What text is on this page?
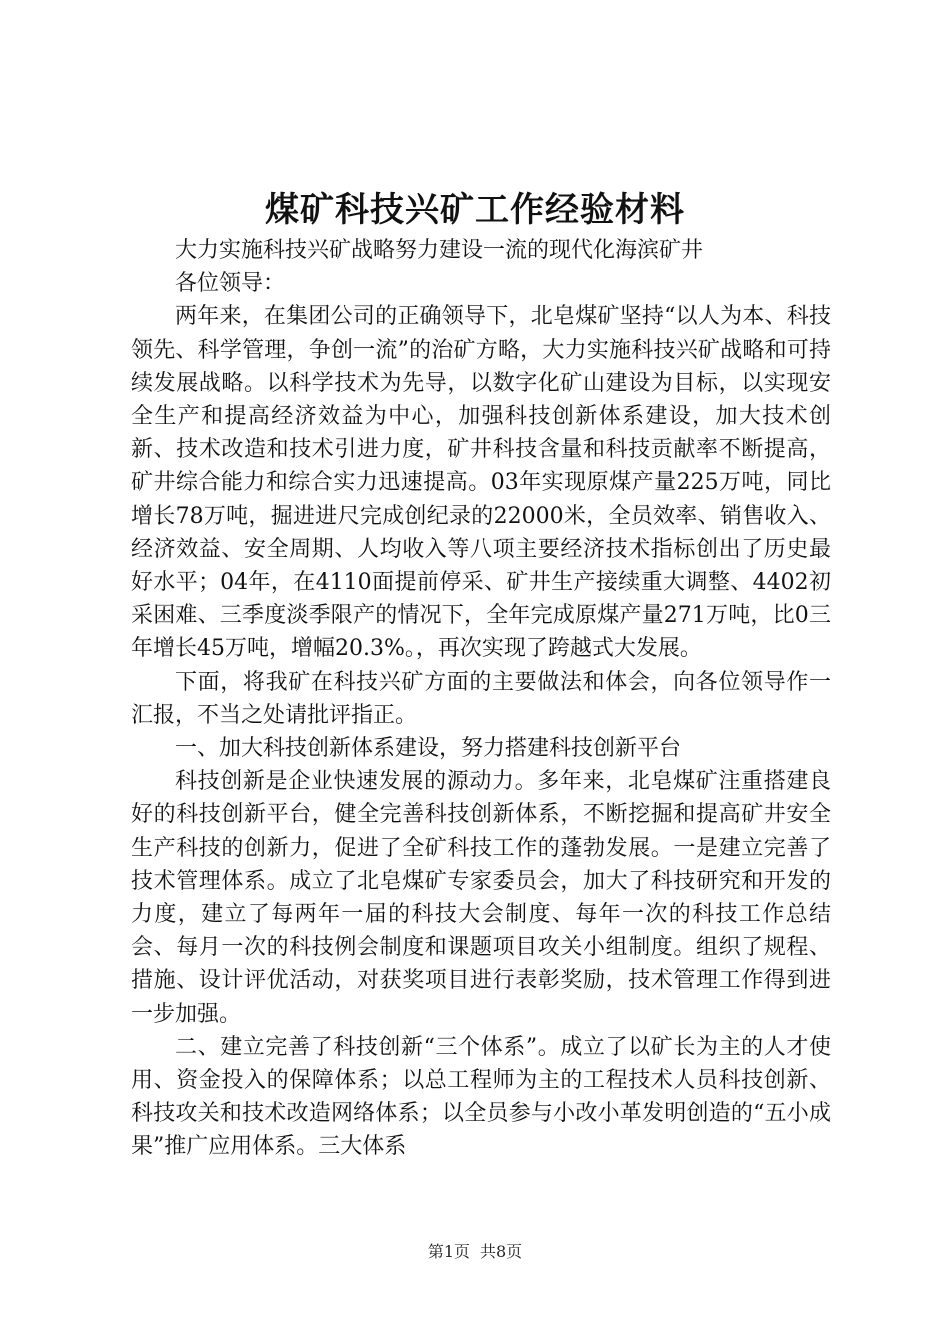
煤矿科技兴矿工作经验材料

大力实施科技兴矿战略努力建设一流的现代化海滨矿井

各位领导：

两年来，在集团公司的正确领导下，北皂煤矿坚持“以人为本、科技领先、科学管理，争创一流”的治矿方略，大力实施科技兴矿战略和可持续发展战略。以科学技术为先导，以数字化矿山建设为目标，以实现安全生产和提高经济效益为中心，加强科技创新体系建设，加大技术创新、技术改造和技术引进力度，矿井科技含量和科技贡献率不断提高，矿井综合能力和综合实力迅速提高。03年实现原煤产量225万吨，同比增长78万吨，掘进进尺完成创纪录的22000米，全员效率、销售收入、经济效益、安全周期、人均收入等八项主要经济技术指标创出了历史最好水平；04年，在4110面提前停采、矿井生产接续重大调整、4402初采困难、三季度淡季限产的情况下，全年完成原煤产量271万吨，比0三年增长45万吨，增幅20.3%。，再次实现了跨越式大发展。

下面，将我矿在科技兴矿方面的主要做法和体会，向各位领导作一汇报，不当之处请批评指正。

一、加大科技创新体系建设，努力搭建科技创新平台

科技创新是企业快速发展的源动力。多年来，北皂煤矿注重搭建良好的科技创新平台，健全完善科技创新体系，不断挖掘和提高矿井安全生产科技的创新力，促进了全矿科技工作的蓬勃发展。一是建立完善了技术管理体系。成立了北皂煤矿专家委员会，加大了科技研究和开发的力度，建立了每两年一届的科技大会制度、每年一次的科技工作总结会、每月一次的科技例会制度和课题项目攻关小组制度。组织了规程、措施、设计评优活动，对获奖项目进行表彰奖励，技术管理工作得到进一步加强。

二、建立完善了科技创新“三个体系”。成立了以矿长为主的人才使用、资金投入的保障体系；以总工程师为主的工程技术人员科技创新、科技攻关和技术改造网络体系；以全员参与小改小革发明创造的“五小成果”推广应用体系。三大体系

第1页 共8页
